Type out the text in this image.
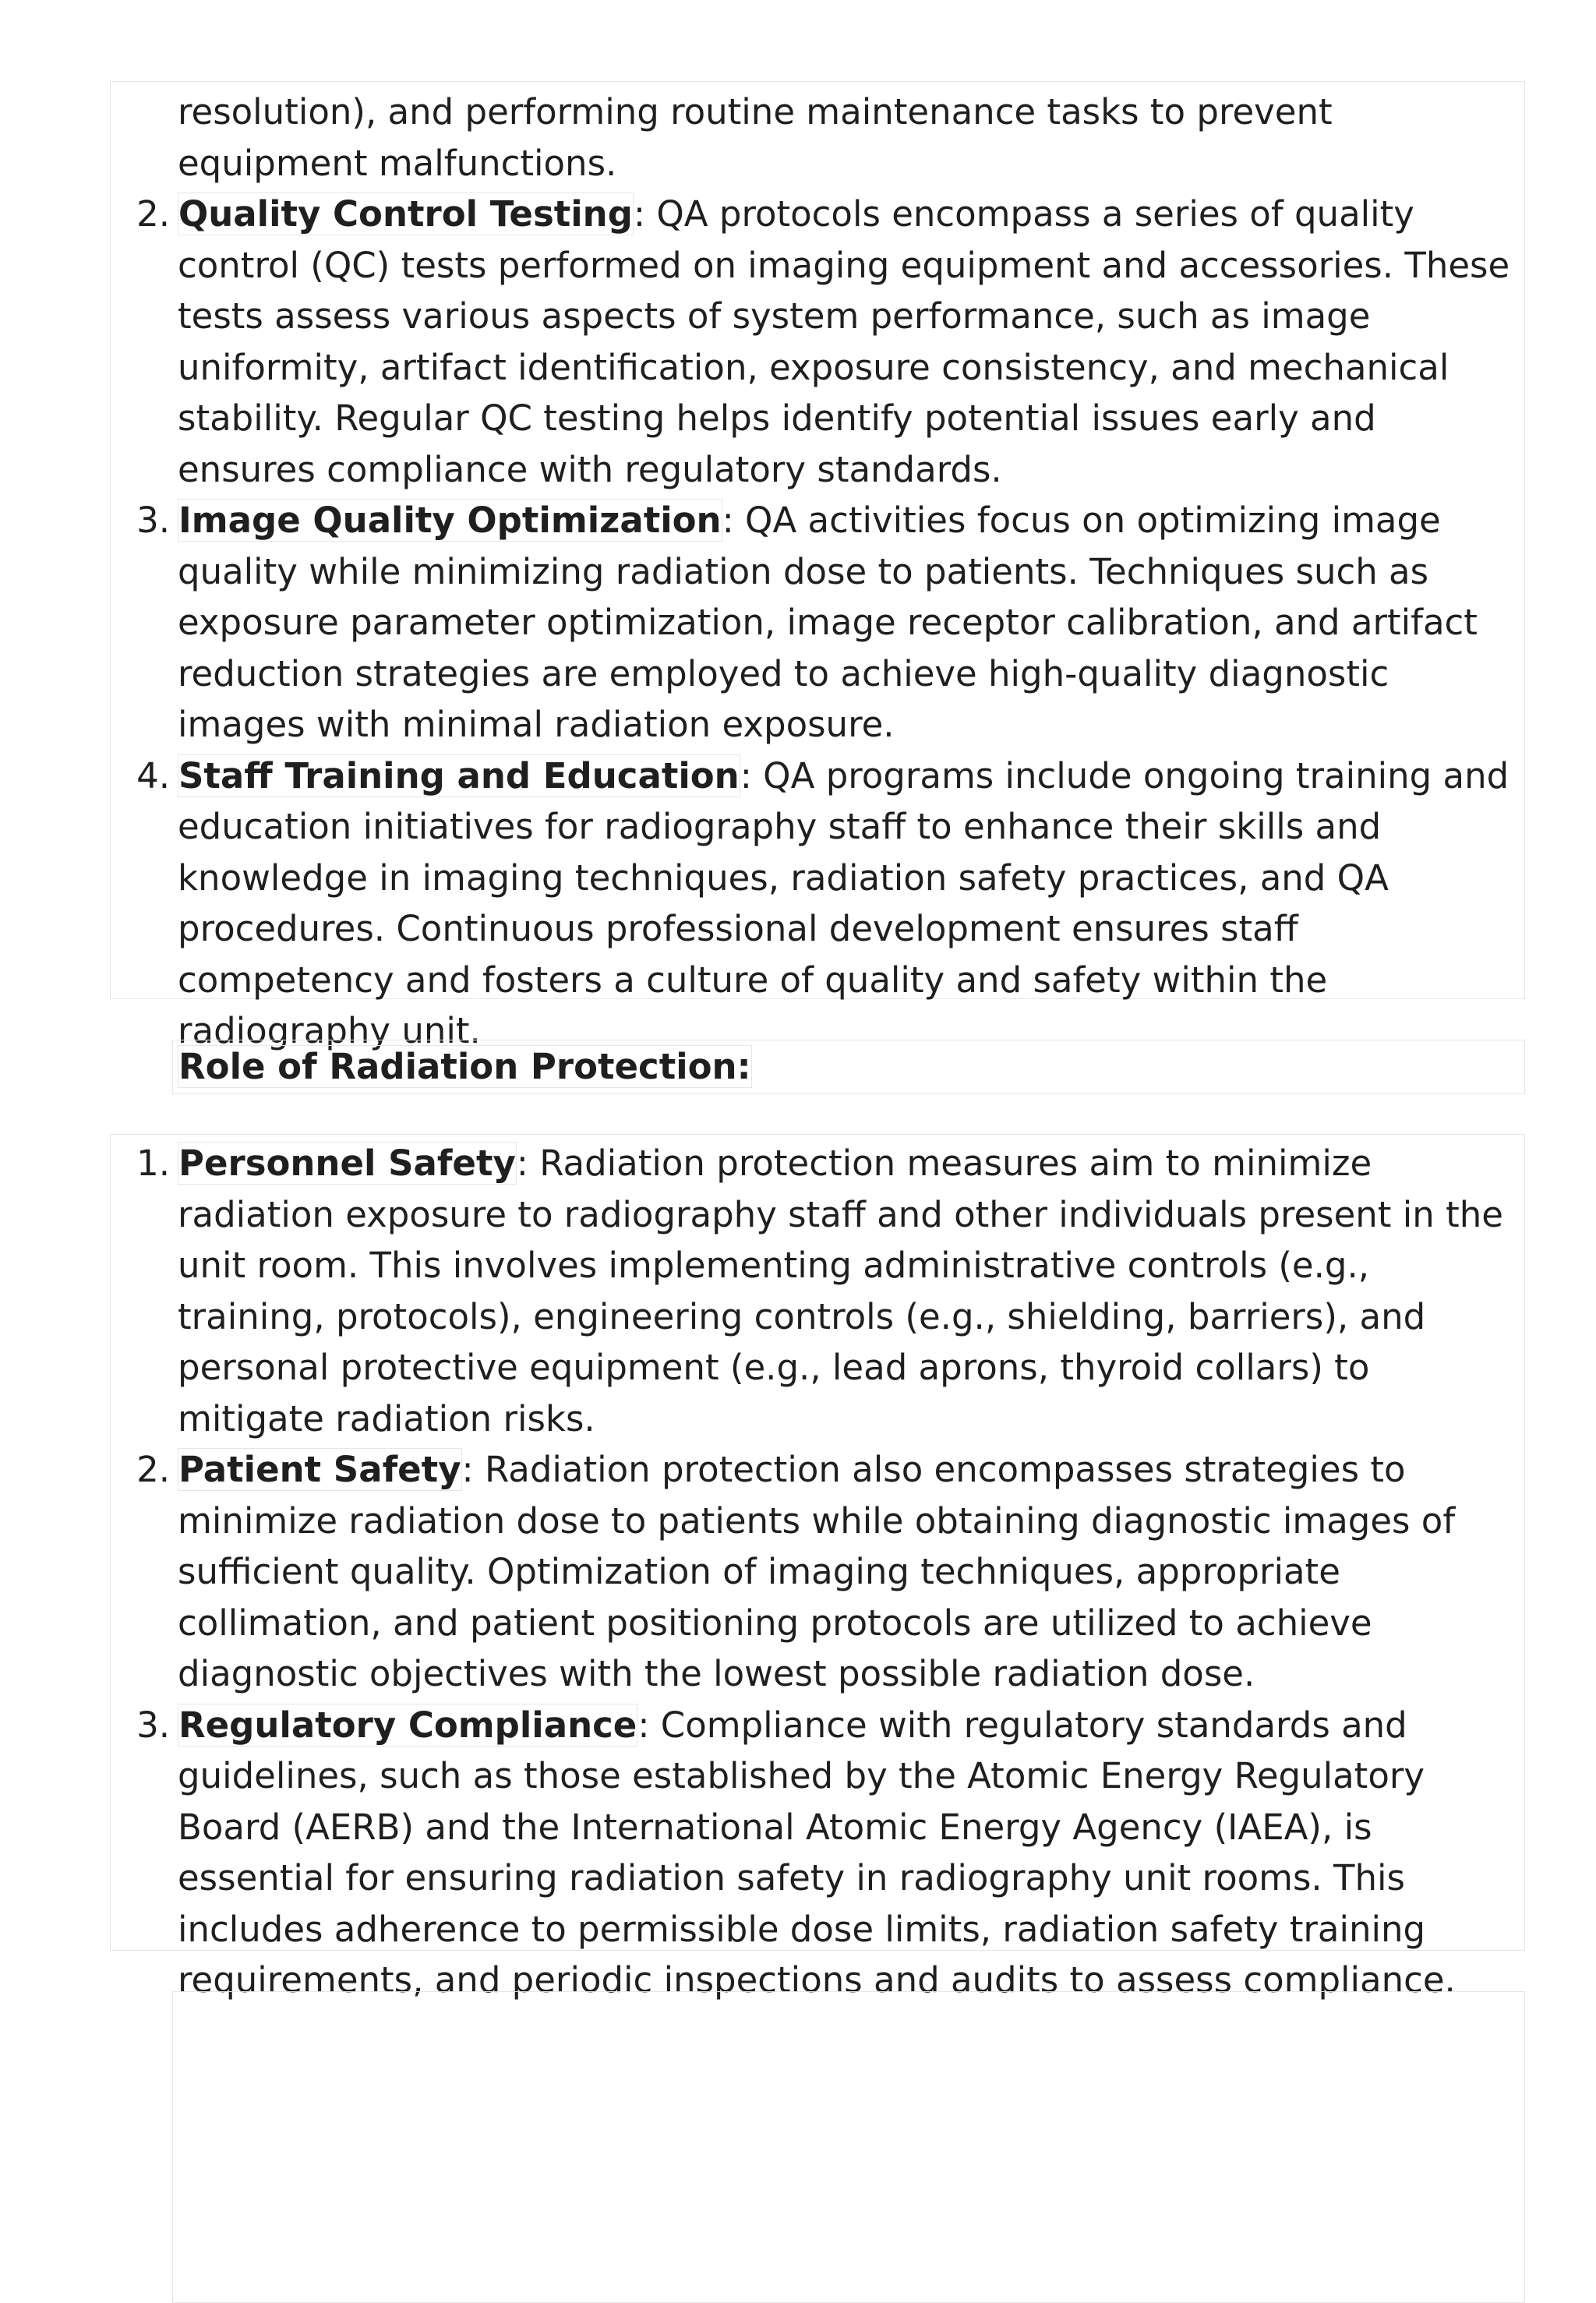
resolution), and performing routine maintenance tasks to prevent equipment malfunctions.

2. Quality Control Testing: QA protocols encompass a series of quality control (QC) tests performed on imaging equipment and accessories. These tests assess various aspects of system performance, such as image uniformity, artifact identification, exposure consistency, and mechanical stability. Regular QC testing helps identify potential issues early and ensures compliance with regulatory standards.
3. Image Quality Optimization: QA activities focus on optimizing image quality while minimizing radiation dose to patients. Techniques such as exposure parameter optimization, image receptor calibration, and artifact reduction strategies are employed to achieve high-quality diagnostic images with minimal radiation exposure.
4. Staff Training and Education: QA programs include ongoing training and education initiatives for radiography staff to enhance their skills and knowledge in imaging techniques, radiation safety practices, and QA procedures. Continuous professional development ensures staff competency and fosters a culture of quality and safety within the radiography unit.

Role of Radiation Protection:

1. Personnel Safety: Radiation protection measures aim to minimize radiation exposure to radiography staff and other individuals present in the unit room. This involves implementing administrative controls (e.g., training, protocols), engineering controls (e.g., shielding, barriers), and personal protective equipment (e.g., lead aprons, thyroid collars) to mitigate radiation risks.
2. Patient Safety: Radiation protection also encompasses strategies to minimize radiation dose to patients while obtaining diagnostic images of sufficient quality. Optimization of imaging techniques, appropriate collimation, and patient positioning protocols are utilized to achieve diagnostic objectives with the lowest possible radiation dose.
3. Regulatory Compliance: Compliance with regulatory standards and guidelines, such as those established by the Atomic Energy Regulatory Board (AERB) and the International Atomic Energy Agency (IAEA), is essential for ensuring radiation safety in radiography unit rooms. This includes adherence to permissible dose limits, radiation safety training requirements, and periodic inspections and audits to assess compliance.
